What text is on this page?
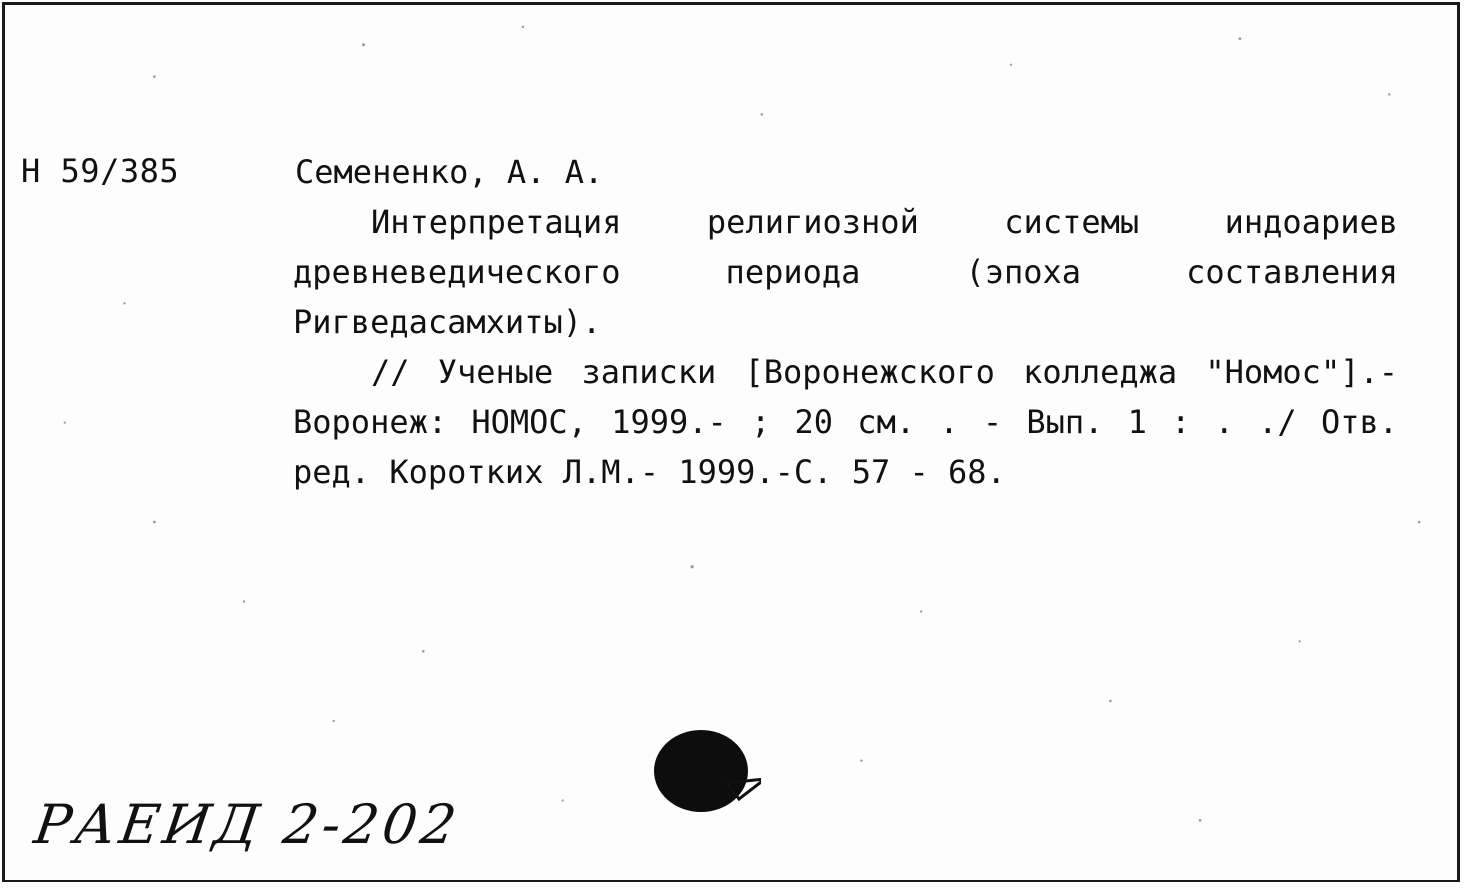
Н 59/385	Семененко, А. А.
Интерпретация религиозной системы индоариев древневедического периода (эпоха составления Ригведасамхиты).
// Ученые записки [Воронежского колледжа "Номос"].- Воронеж: НОМОС, 1999.- ; 20 см. . - Вып. 1 : . ./ Отв. ред. Коротких Л.М.- 1999.-С. 57 - 68.
РАЕИД 2-202
